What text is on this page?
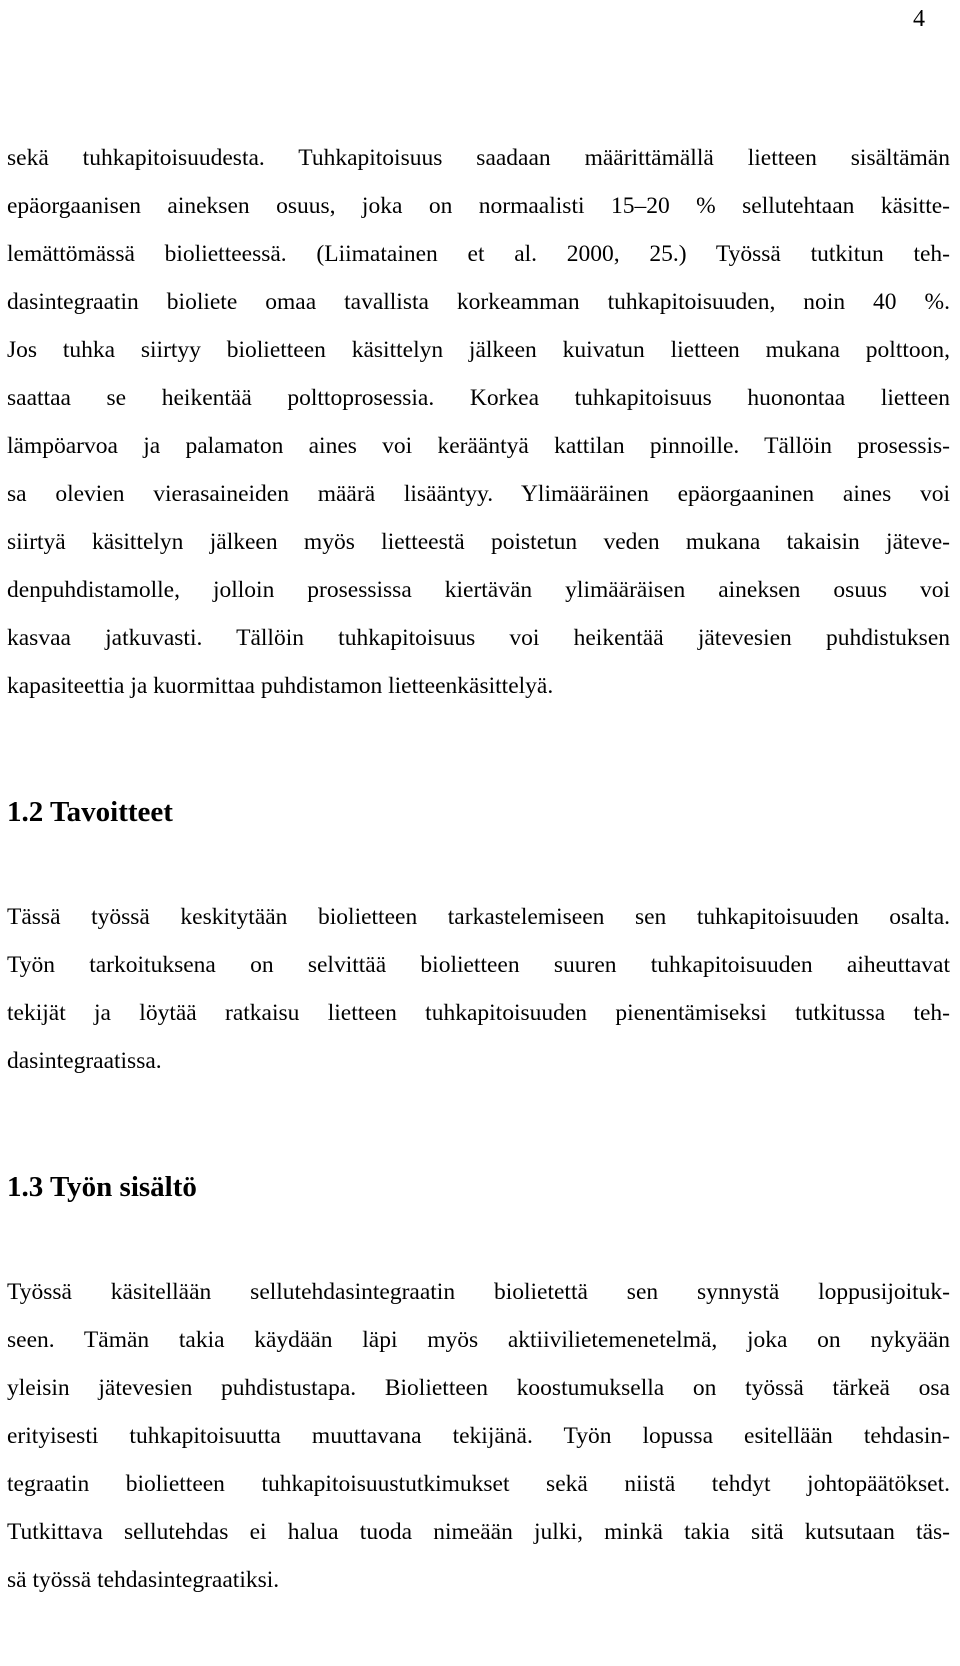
4
sekä tuhkapitoisuudesta. Tuhkapitoisuus saadaan määrittämällä lietteen sisältämän
epäorgaanisen aineksen osuus, joka on normaalisti 15–20 % sellutehtaan käsitte-
lemättömässä biolietteessä. (Liimatainen et al. 2000, 25.) Työssä tutkitun teh-
dasintegraatin bioliete omaa tavallista korkeamman tuhkapitoisuuden, noin 40 %.
Jos tuhka siirtyy biolietteen käsittelyn jälkeen kuivatun lietteen mukana polttoon,
saattaa se heikentää polttoprosessia. Korkea tuhkapitoisuus huonontaa lietteen
lämpöarvoa ja palamaton aines voi kerääntyä kattilan pinnoille. Tällöin prosessis-
sa olevien vierasaineiden määrä lisääntyy. Ylimääräinen epäorgaaninen aines voi
siirtyä käsittelyn jälkeen myös lietteestä poistetun veden mukana takaisin jäteve-
denpuhdistamolle, jolloin prosessissa kiertävän ylimääräisen aineksen osuus voi
kasvaa jatkuvasti. Tällöin tuhkapitoisuus voi heikentää jätevesien puhdistuksen
kapasiteettia ja kuormittaa puhdistamon lietteenkäsittelyä.
1.2 Tavoitteet
Tässä työssä keskitytään biolietteen tarkastelemiseen sen tuhkapitoisuuden osalta.
Työn tarkoituksena on selvittää biolietteen suuren tuhkapitoisuuden aiheuttavat
tekijät ja löytää ratkaisu lietteen tuhkapitoisuuden pienentämiseksi tutkitussa teh-
dasintegraatissa.
1.3 Työn sisältö
Työssä käsitellään sellutehdasintegraatin biolietettä sen synnystä loppusijoituk-
seen. Tämän takia käydään läpi myös aktiivilietemenetelmä, joka on nykyään
yleisin jätevesien puhdistustapa. Biolietteen koostumuksella on työssä tärkeä osa
erityisesti tuhkapitoisuutta muuttavana tekijänä. Työn lopussa esitellään tehdasin-
tegraatin biolietteen tuhkapitoisuustutkimukset sekä niistä tehdyt johtopäätökset.
Tutkittava sellutehdas ei halua tuoda nimeään julki, minkä takia sitä kutsutaan täs-
sä työssä tehdasintegraatiksi.
